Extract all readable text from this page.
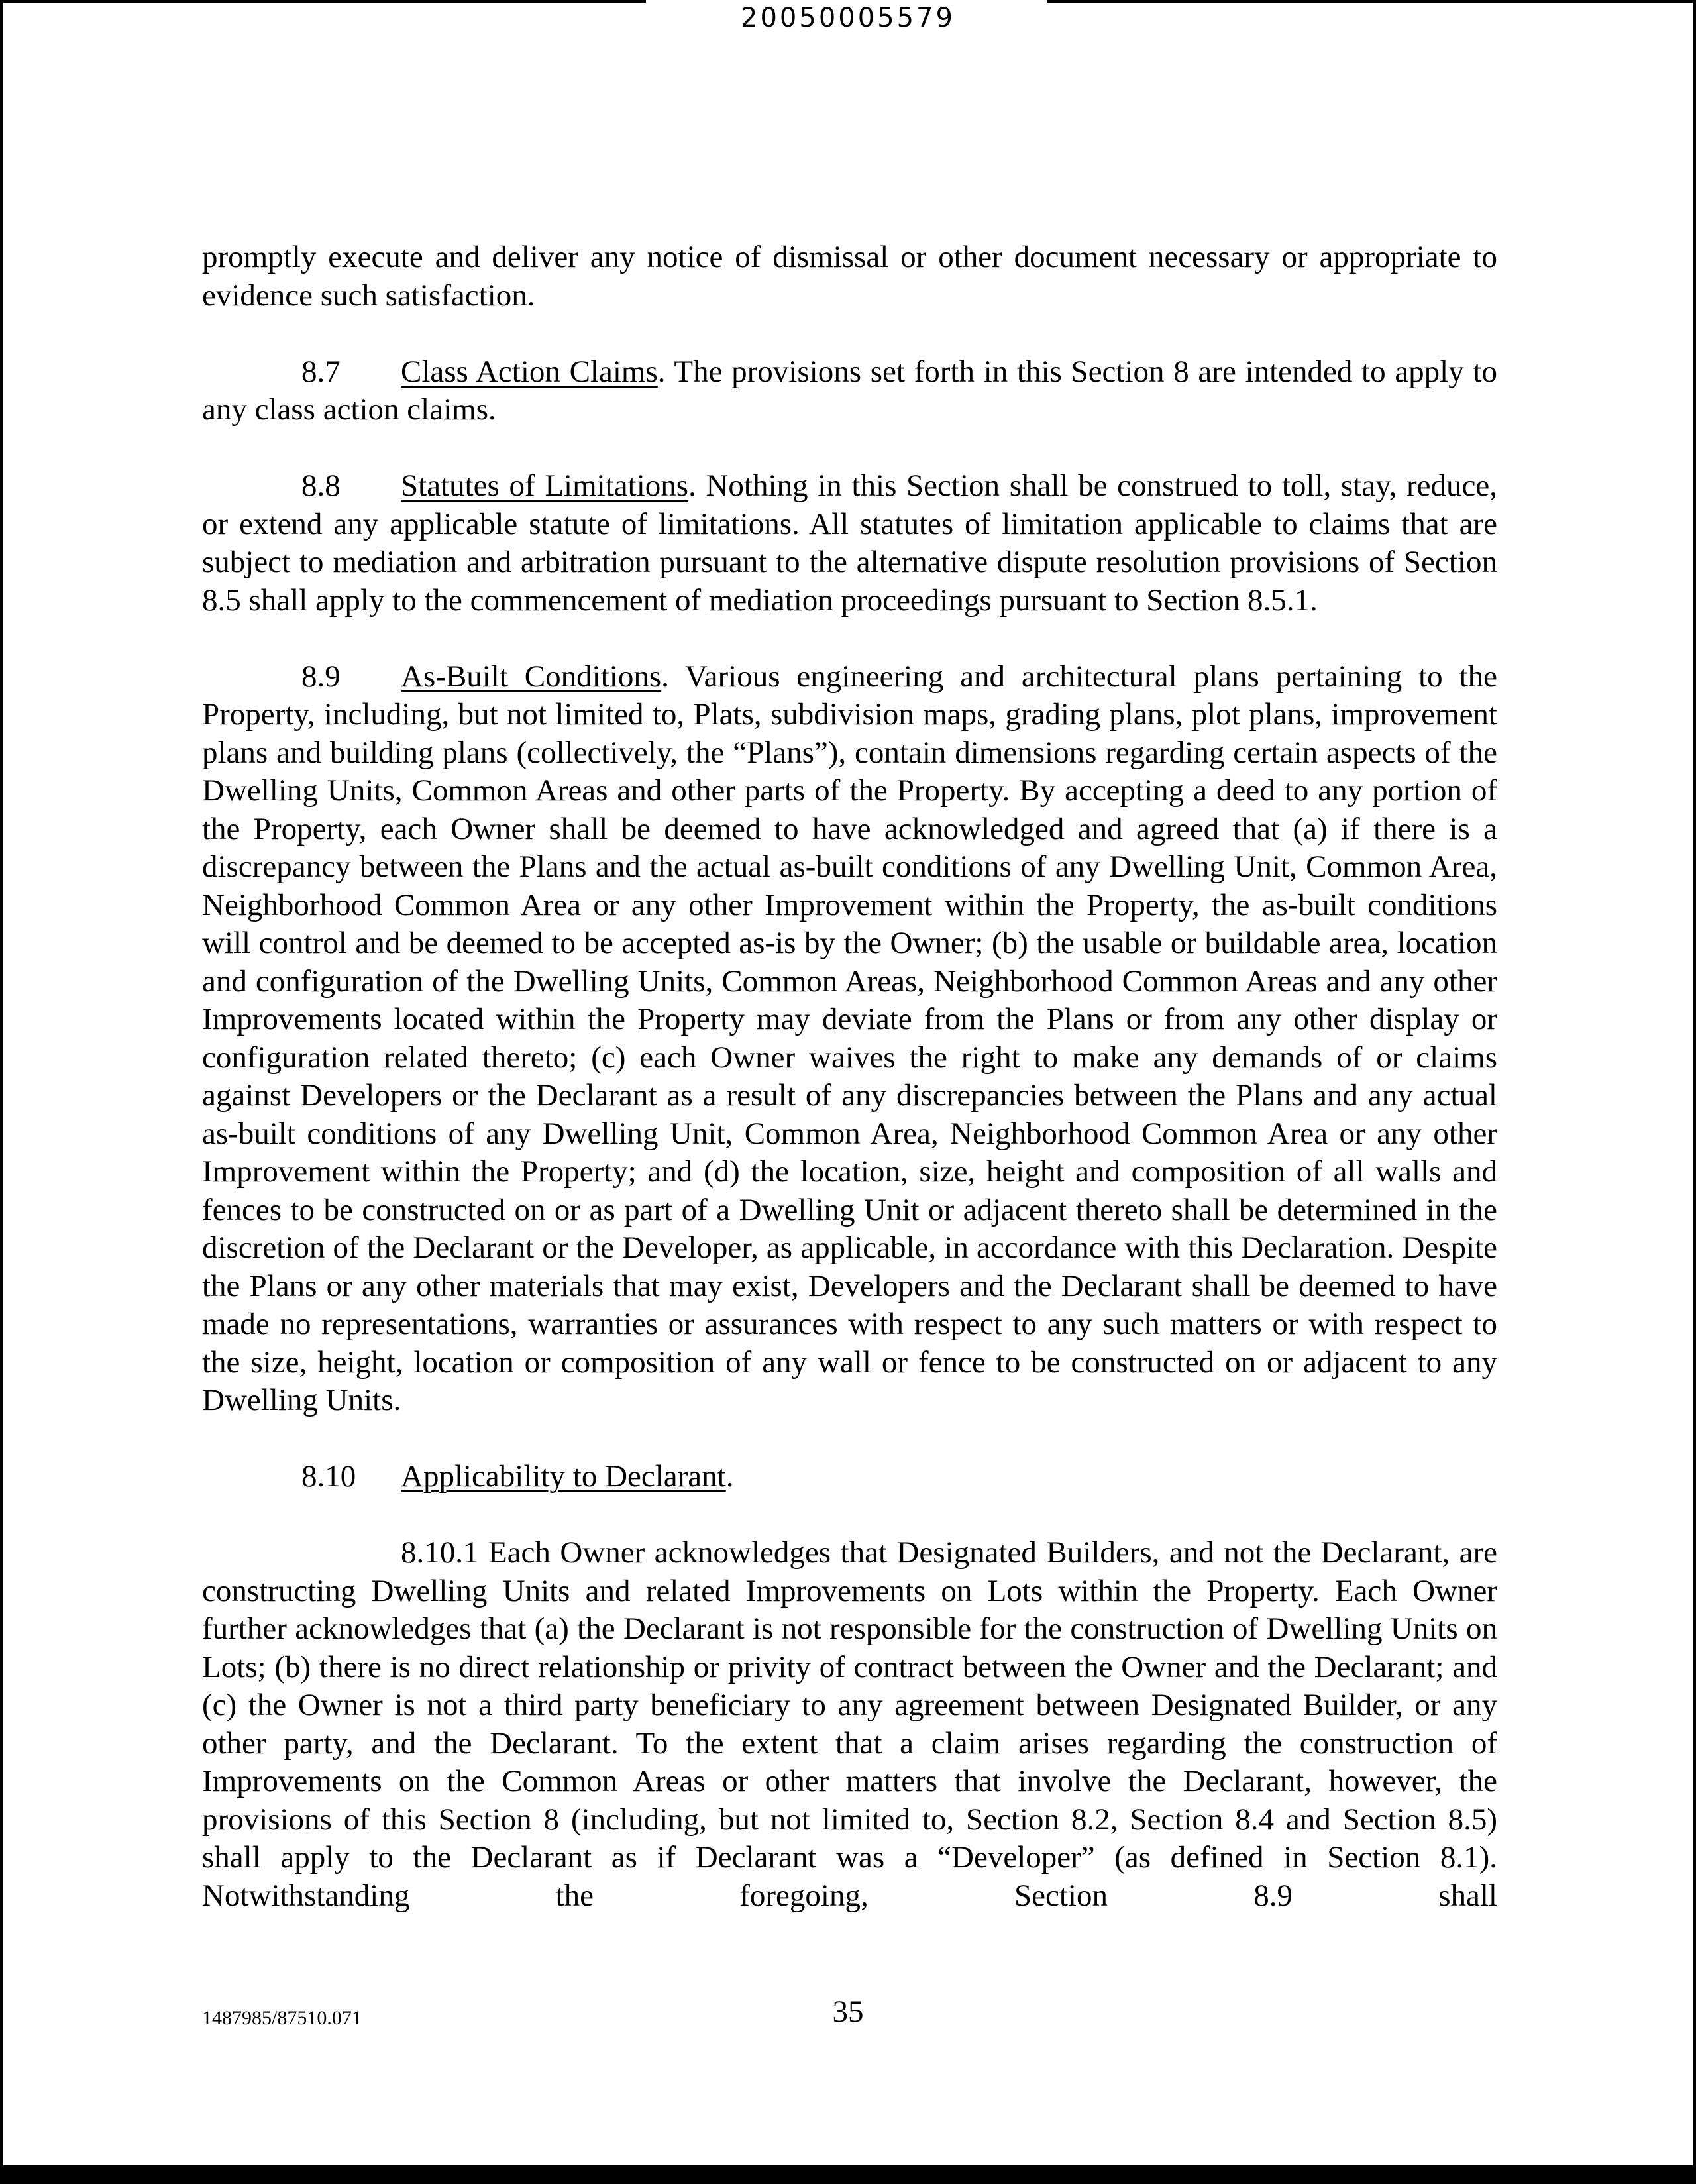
20050005579

promptly execute and deliver any notice of dismissal or other document necessary or appropriate to evidence such satisfaction.

8.7 Class Action Claims. The provisions set forth in this Section 8 are intended to apply to any class action claims.

8.8 Statutes of Limitations. Nothing in this Section shall be construed to toll, stay, reduce, or extend any applicable statute of limitations. All statutes of limitation applicable to claims that are subject to mediation and arbitration pursuant to the alternative dispute resolution provisions of Section 8.5 shall apply to the commencement of mediation proceedings pursuant to Section 8.5.1.

8.9 As-Built Conditions. Various engineering and architectural plans pertaining to the Property, including, but not limited to, Plats, subdivision maps, grading plans, plot plans, improvement plans and building plans (collectively, the “Plans”), contain dimensions regarding certain aspects of the Dwelling Units, Common Areas and other parts of the Property. By accepting a deed to any portion of the Property, each Owner shall be deemed to have acknowledged and agreed that (a) if there is a discrepancy between the Plans and the actual as-built conditions of any Dwelling Unit, Common Area, Neighborhood Common Area or any other Improvement within the Property, the as-built conditions will control and be deemed to be accepted as-is by the Owner; (b) the usable or buildable area, location and configuration of the Dwelling Units, Common Areas, Neighborhood Common Areas and any other Improvements located within the Property may deviate from the Plans or from any other display or configuration related thereto; (c) each Owner waives the right to make any demands of or claims against Developers or the Declarant as a result of any discrepancies between the Plans and any actual as-built conditions of any Dwelling Unit, Common Area, Neighborhood Common Area or any other Improvement within the Property; and (d) the location, size, height and composition of all walls and fences to be constructed on or as part of a Dwelling Unit or adjacent thereto shall be determined in the discretion of the Declarant or the Developer, as applicable, in accordance with this Declaration. Despite the Plans or any other materials that may exist, Developers and the Declarant shall be deemed to have made no representations, warranties or assurances with respect to any such matters or with respect to the size, height, location or composition of any wall or fence to be constructed on or adjacent to any Dwelling Units.

8.10 Applicability to Declarant.

8.10.1 Each Owner acknowledges that Designated Builders, and not the Declarant, are constructing Dwelling Units and related Improvements on Lots within the Property. Each Owner further acknowledges that (a) the Declarant is not responsible for the construction of Dwelling Units on Lots; (b) there is no direct relationship or privity of contract between the Owner and the Declarant; and (c) the Owner is not a third party beneficiary to any agreement between Designated Builder, or any other party, and the Declarant. To the extent that a claim arises regarding the construction of Improvements on the Common Areas or other matters that involve the Declarant, however, the provisions of this Section 8 (including, but not limited to, Section 8.2, Section 8.4 and Section 8.5) shall apply to the Declarant as if Declarant was a “Developer” (as defined in Section 8.1). Notwithstanding the foregoing, Section 8.9 shall

1487985/87510.071	35
